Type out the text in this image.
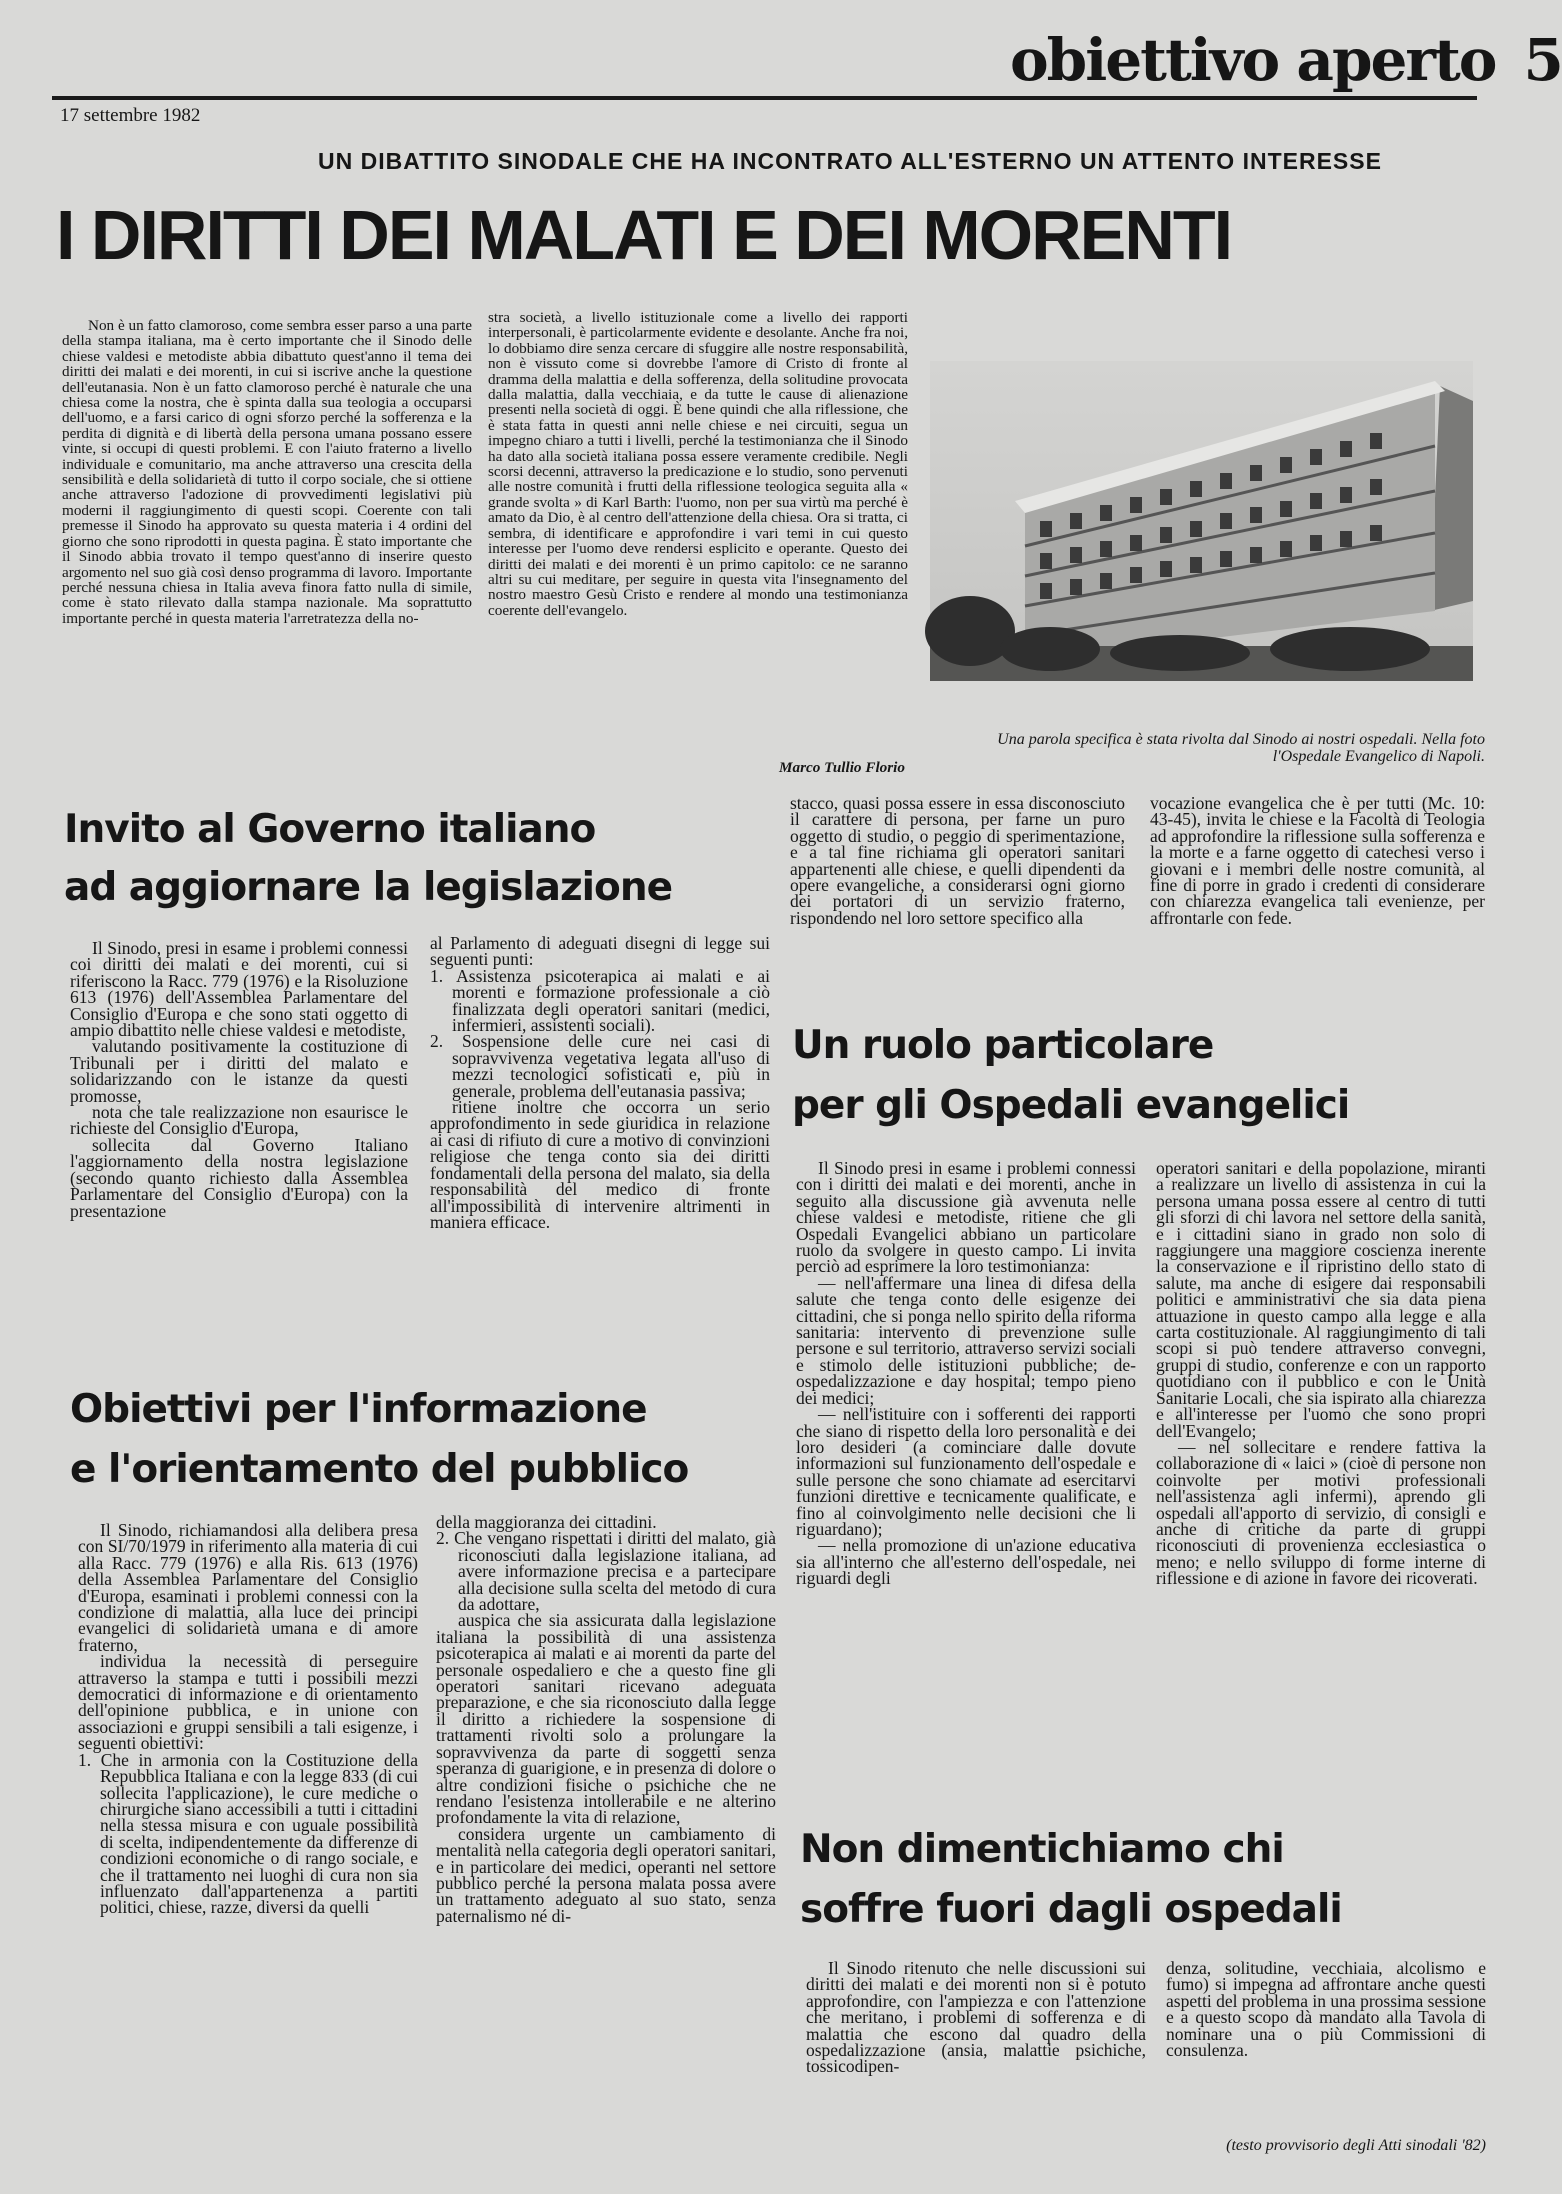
obiettivo aperto 5
17 settembre 1982
UN DIBATTITO SINODALE CHE HA INCONTRATO ALL'ESTERNO UN ATTENTO INTERESSE
I DIRITTI DEI MALATI E DEI MORENTI

Non è un fatto clamoroso, come sembra esser parso a una parte della stampa italiana, ma è certo importante che il Sinodo delle chiese valdesi e metodiste abbia dibattuto quest'anno il tema dei diritti dei malati e dei morenti, in cui si iscrive anche la questione dell'eutanasia. Non è un fatto clamoroso perché è naturale che una chiesa come la nostra, che è spinta dalla sua teologia a occuparsi dell'uomo, e a farsi carico di ogni sforzo perché la sofferenza e la perdita di dignità e di libertà della persona umana possano essere vinte, si occupi di questi problemi. E con l'aiuto fraterno a livello individuale e comunitario, ma anche attraverso una crescita della sensibilità e della solidarietà di tutto il corpo sociale, che si ottiene anche attraverso l'adozione di provvedimenti legislativi più moderni il raggiungimento di questi scopi. Coerente con tali premesse il Sinodo ha approvato su questa materia i 4 ordini del giorno che sono riprodotti in questa pagina. È stato importante che il Sinodo abbia trovato il tempo quest'anno di inserire questo argomento nel suo già così denso programma di lavoro. Importante perché nessuna chiesa in Italia aveva finora fatto nulla di simile, come è stato rilevato dalla stampa nazionale. Ma soprattutto importante perché in questa materia l'arretratezza della no-

stra società, a livello istituzionale come a livello dei rapporti interpersonali, è particolarmente evidente e desolante. Anche fra noi, lo dobbiamo dire senza cercare di sfuggire alle nostre responsabilità, non è vissuto come si dovrebbe l'amore di Cristo di fronte al dramma della malattia e della sofferenza, della solitudine provocata dalla malattia, dalla vecchiaia, e da tutte le cause di alienazione presenti nella società di oggi. È bene quindi che alla riflessione, che è stata fatta in questi anni nelle chiese e nei circuiti, segua un impegno chiaro a tutti i livelli, perché la testimonianza che il Sinodo ha dato alla società italiana possa essere veramente credibile. Negli scorsi decenni, attraverso la predicazione e lo studio, sono pervenuti alle nostre comunità i frutti della riflessione teologica seguita alla « grande svolta » di Karl Barth: l'uomo, non per sua virtù ma perché è amato da Dio, è al centro dell'attenzione della chiesa. Ora si tratta, ci sembra, di identificare e approfondire i vari temi in cui questo interesse per l'uomo deve rendersi esplicito e operante. Questo dei diritti dei malati e dei morenti è un primo capitolo: ce ne saranno altri su cui meditare, per seguire in questa vita l'insegnamento del nostro maestro Gesù Cristo e rendere al mondo una testimonianza coerente dell'evangelo.

Marco Tullio Florio
Una parola specifica è stata rivolta dal Sinodo ai nostri ospedali. Nella foto l'Ospedale Evangelico di Napoli.
Invito al Governo italiano
ad aggiornare la legislazione

Il Sinodo, presi in esame i problemi connessi coi diritti dei malati e dei morenti, cui si riferiscono la Racc. 779 (1976) e la Risoluzione 613 (1976) dell'Assemblea Parlamentare del Consiglio d'Europa e che sono stati oggetto di ampio dibattito nelle chiese valdesi e metodiste,

valutando positivamente la costituzione di Tribunali per i diritti del malato e solidarizzando con le istanze da questi promosse,

nota che tale realizzazione non esaurisce le richieste del Consiglio d'Europa,

sollecita dal Governo Italiano l'aggiornamento della nostra legislazione (secondo quanto richiesto dalla Assemblea Parlamentare del Consiglio d'Europa) con la presentazione

al Parlamento di adeguati disegni di legge sui seguenti punti:

1. Assistenza psicoterapica ai malati e ai morenti e formazione professionale a ciò finalizzata degli operatori sanitari (medici, infermieri, assistenti sociali).
2. Sospensione delle cure nei casi di sopravvivenza vegetativa legata all'uso di mezzi tecnologici sofisticati e, più in generale, problema dell'eutanasia passiva;

ritiene inoltre che occorra un serio approfondimento in sede giuridica in relazione ai casi di rifiuto di cure a motivo di convinzioni religiose che tenga conto sia dei diritti fondamentali della persona del malato, sia della responsabilità del medico di fronte all'impossibilità di intervenire altrimenti in maniera efficace.

stacco, quasi possa essere in essa disconosciuto il carattere di persona, per farne un puro oggetto di studio, o peggio di sperimentazione, e a tal fine richiama gli operatori sanitari appartenenti alle chiese, e quelli dipendenti da opere evangeliche, a considerarsi ogni giorno dei portatori di un servizio fraterno, rispondendo nel loro settore specifico alla

vocazione evangelica che è per tutti (Mc. 10: 43-45), invita le chiese e la Facoltà di Teologia ad approfondire la riflessione sulla sofferenza e la morte e a farne oggetto di catechesi verso i giovani e i membri delle nostre comunità, al fine di porre in grado i credenti di considerare con chiarezza evangelica tali evenienze, per affrontarle con fede.

Un ruolo particolare
per gli Ospedali evangelici

Il Sinodo presi in esame i problemi connessi con i diritti dei malati e dei morenti, anche in seguito alla discussione già avvenuta nelle chiese valdesi e metodiste, ritiene che gli Ospedali Evangelici abbiano un particolare ruolo da svolgere in questo campo. Li invita perciò ad esprimere la loro testimonianza:

— nell'affermare una linea di difesa della salute che tenga conto delle esigenze dei cittadini, che si ponga nello spirito della riforma sanitaria: intervento di prevenzione sulle persone e sul territorio, attraverso servizi sociali e stimolo delle istituzioni pubbliche; de-ospedalizzazione e day hospital; tempo pieno dei medici;

— nell'istituire con i sofferenti dei rapporti che siano di rispetto della loro personalità e dei loro desideri (a cominciare dalle dovute informazioni sul funzionamento dell'ospedale e sulle persone che sono chiamate ad esercitarvi funzioni direttive e tecnicamente qualificate, e fino al coinvolgimento nelle decisioni che li riguardano);

— nella promozione di un'azione educativa sia all'interno che all'esterno dell'ospedale, nei riguardi degli

operatori sanitari e della popolazione, miranti a realizzare un livello di assistenza in cui la persona umana possa essere al centro di tutti gli sforzi di chi lavora nel settore della sanità, e i cittadini siano in grado non solo di raggiungere una maggiore coscienza inerente la conservazione e il ripristino dello stato di salute, ma anche di esigere dai responsabili politici e amministrativi che sia data piena attuazione in questo campo alla legge e alla carta costituzionale. Al raggiungimento di tali scopi si può tendere attraverso convegni, gruppi di studio, conferenze e con un rapporto quotidiano con il pubblico e con le Unità Sanitarie Locali, che sia ispirato alla chiarezza e all'interesse per l'uomo che sono propri dell'Evangelo;

— nel sollecitare e rendere fattiva la collaborazione di « laici » (cioè di persone non coinvolte per motivi professionali nell'assistenza agli infermi), aprendo gli ospedali all'apporto di servizio, di consigli e anche di critiche da parte di gruppi riconosciuti di provenienza ecclesiastica o meno; e nello sviluppo di forme interne di riflessione e di azione in favore dei ricoverati.

Obiettivi per l'informazione
e l'orientamento del pubblico

Il Sinodo, richiamandosi alla delibera presa con SI/70/1979 in riferimento alla materia di cui alla Racc. 779 (1976) e alla Ris. 613 (1976) della Assemblea Parlamentare del Consiglio d'Europa, esaminati i problemi connessi con la condizione di malattia, alla luce dei principi evangelici di solidarietà umana e di amore fraterno,

individua la necessità di perseguire attraverso la stampa e tutti i possibili mezzi democratici di informazione e di orientamento dell'opinione pubblica, e in unione con associazioni e gruppi sensibili a tali esigenze, i seguenti obiettivi:

1. Che in armonia con la Costituzione della Repubblica Italiana e con la legge 833 (di cui sollecita l'applicazione), le cure mediche o chirurgiche siano accessibili a tutti i cittadini nella stessa misura e con uguale possibilità di scelta, indipendentemente da differenze di condizioni economiche o di rango sociale, e che il trattamento nei luoghi di cura non sia influenzato dall'appartenenza a partiti politici, chiese, razze, diversi da quelli

della maggioranza dei cittadini.

2. Che vengano rispettati i diritti del malato, già riconosciuti dalla legislazione italiana, ad avere informazione precisa e a partecipare alla decisione sulla scelta del metodo di cura da adottare,

auspica che sia assicurata dalla legislazione italiana la possibilità di una assistenza psicoterapica ai malati e ai morenti da parte del personale ospedaliero e che a questo fine gli operatori sanitari ricevano adeguata preparazione, e che sia riconosciuto dalla legge il diritto a richiedere la sospensione di trattamenti rivolti solo a prolungare la sopravvivenza da parte di soggetti senza speranza di guarigione, e in presenza di dolore o altre condizioni fisiche o psichiche che ne rendano l'esistenza intollerabile e ne alterino profondamente la vita di relazione,

considera urgente un cambiamento di mentalità nella categoria degli operatori sanitari, e in particolare dei medici, operanti nel settore pubblico perché la persona malata possa avere un trattamento adeguato al suo stato, senza paternalismo né di-

Non dimentichiamo chi
soffre fuori dagli ospedali

Il Sinodo ritenuto che nelle discussioni sui diritti dei malati e dei morenti non si è potuto approfondire, con l'ampiezza e con l'attenzione che meritano, i problemi di sofferenza e di malattia che escono dal quadro della ospedalizzazione (ansia, malattie psichiche, tossicodipen-

denza, solitudine, vecchiaia, alcolismo e fumo) si impegna ad affrontare anche questi aspetti del problema in una prossima sessione e a questo scopo dà mandato alla Tavola di nominare una o più Commissioni di consulenza.

(testo provvisorio degli Atti sinodali '82)
